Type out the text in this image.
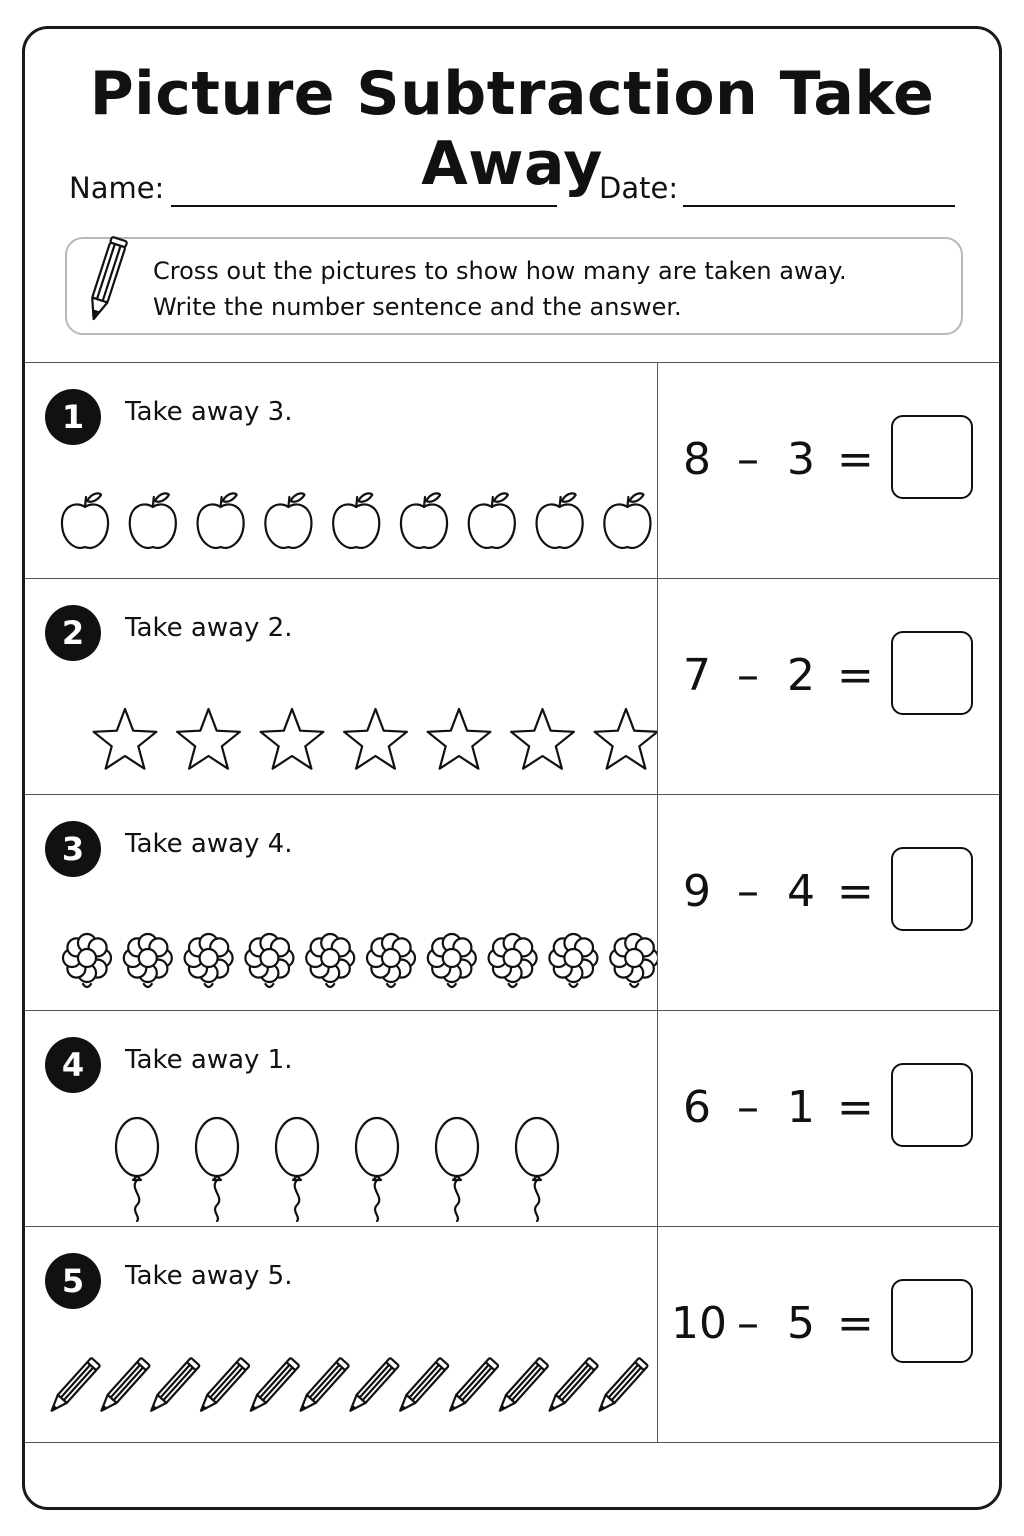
Picture Subtraction Take Away
Name:	Date:
Cross out the pictures to show how many are taken away.
Write the number sentence and the answer.
1	Take away 3.
8 – 3 =
2	Take away 2.
7 – 2 =
3	Take away 4.
9 – 4 =
4	Take away 1.
6 – 1 =
5	Take away 5.
10 – 5 =
